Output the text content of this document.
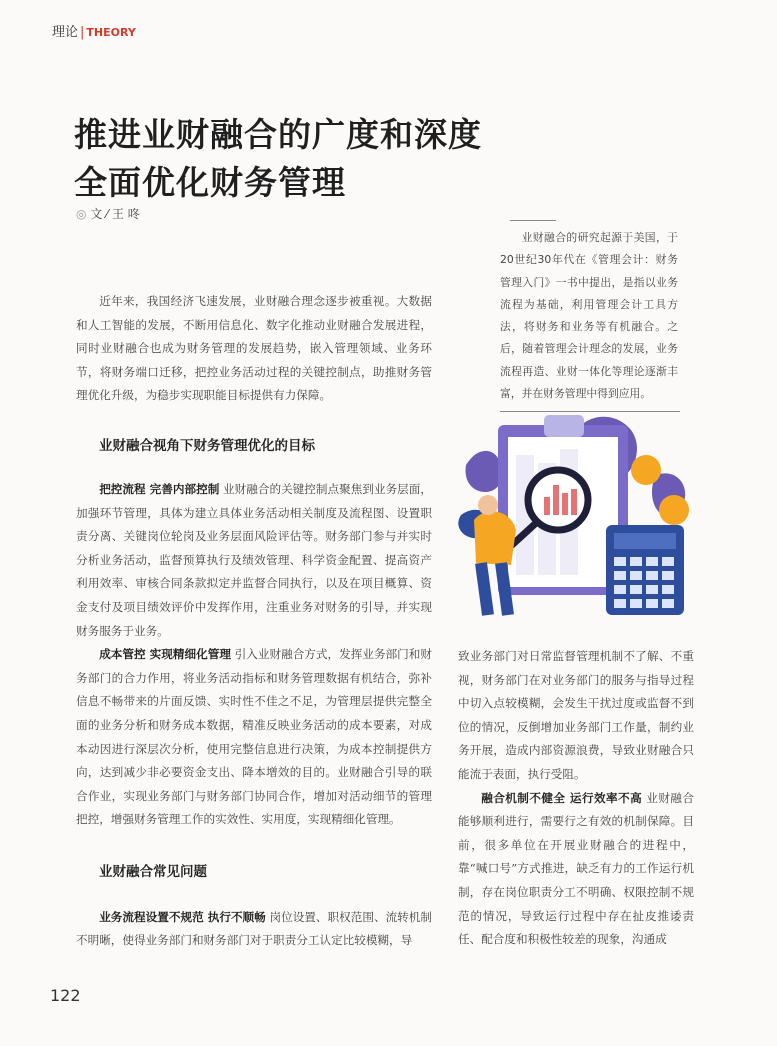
理论 | THEORY
推进业财融合的广度和深度
全面优化财务管理
◎ 文 ⁄ 王 咚

业财融合的研究起源于美国，于20世纪30年代在《管理会计：财务管理入门》一书中提出，是指以业务流程为基础，利用管理会计工具方法，将财务和业务等有机融合。之后，随着管理会计理念的发展，业务流程再造、业财一体化等理论逐渐丰富，并在财务管理中得到应用。

近年来，我国经济飞速发展，业财融合理念逐步被重视。大数据和人工智能的发展，不断用信息化、数字化推动业财融合发展进程，同时业财融合也成为财务管理的发展趋势，嵌入管理领域、业务环节，将财务端口迁移，把控业务活动过程的关键控制点，助推财务管理优化升级，为稳步实现职能目标提供有力保障。

业财融合视角下财务管理优化的目标

把控流程 完善内部控制 业财融合的关键控制点聚焦到业务层面，加强环节管理，具体为建立具体业务活动相关制度及流程图、设置职责分离、关键岗位轮岗及业务层面风险评估等。财务部门参与并实时分析业务活动，监督预算执行及绩效管理、科学资金配置、提高资产利用效率、审核合同条款拟定并监督合同执行，以及在项目概算、资金支付及项目绩效评价中发挥作用，注重业务对财务的引导，并实现财务服务于业务。

成本管控 实现精细化管理 引入业财融合方式，发挥业务部门和财务部门的合力作用，将业务活动指标和财务管理数据有机结合，弥补信息不畅带来的片面反馈、实时性不佳之不足，为管理层提供完整全面的业务分析和财务成本数据，精准反映业务活动的成本要素，对成本动因进行深层次分析，使用完整信息进行决策，为成本控制提供方向，达到减少非必要资金支出、降本增效的目的。业财融合引导的联合作业，实现业务部门与财务部门协同合作，增加对活动细节的管理把控，增强财务管理工作的实效性、实用度，实现精细化管理。

业财融合常见问题

业务流程设置不规范 执行不顺畅 岗位设置、职权范围、流转机制不明晰，使得业务部门和财务部门对于职责分工认定比较模糊，导

致业务部门对日常监督管理机制不了解、不重视，财务部门在对业务部门的服务与指导过程中切入点较模糊，会发生干扰过度或监督不到位的情况，反倒增加业务部门工作量，制约业务开展，造成内部资源浪费，导致业财融合只能流于表面，执行受阻。

融合机制不健全 运行效率不高 业财融合能够顺利进行，需要行之有效的机制保障。目前，很多单位在开展业财融合的进程中，靠“喊口号”方式推进，缺乏有力的工作运行机制，存在岗位职责分工不明确、权限控制不规范的情况，导致运行过程中存在扯皮推诿责任、配合度和积极性较差的现象，沟通成

122
